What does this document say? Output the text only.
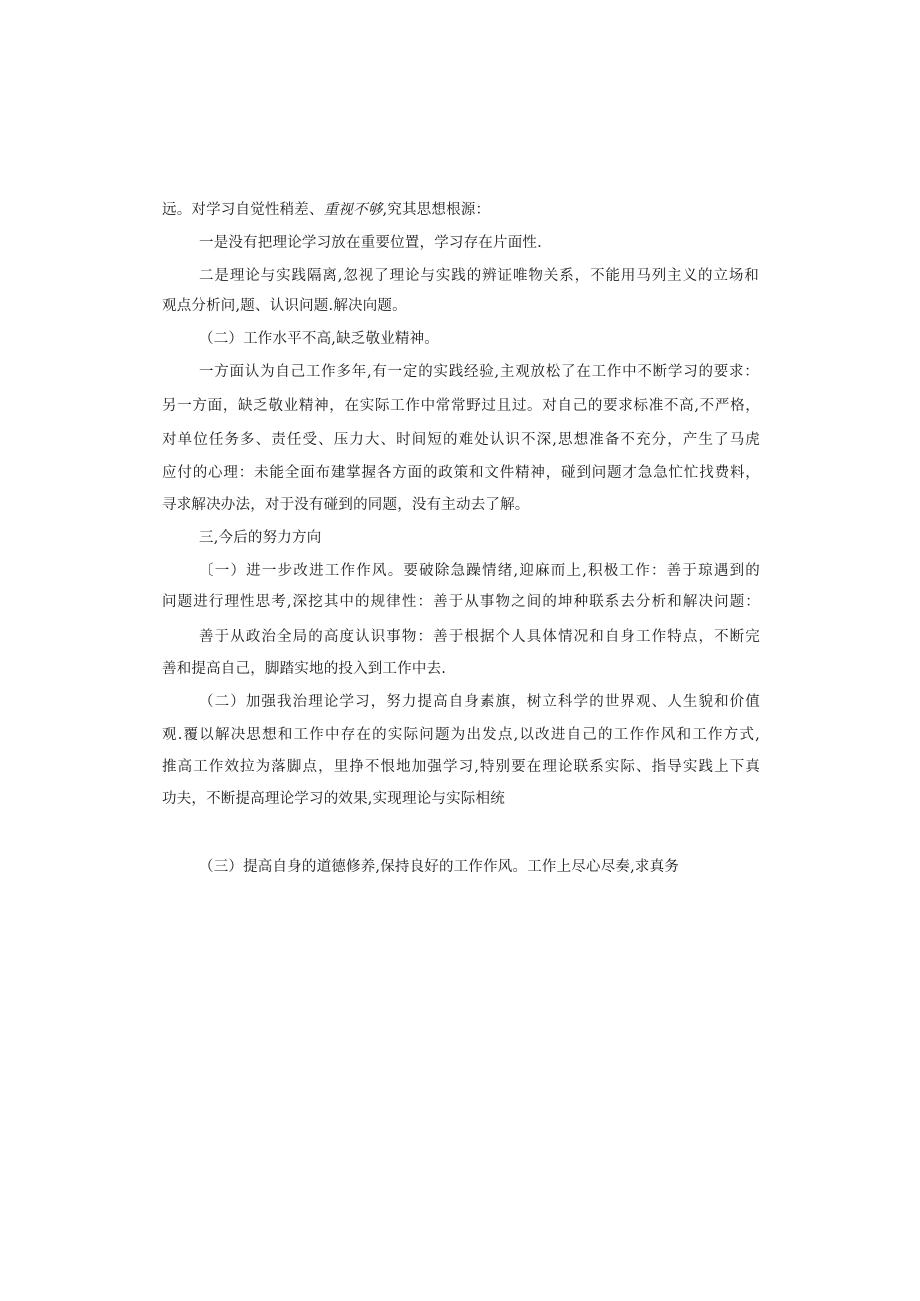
远。对学习自觉性稍差、重视不够,究其思想根源：
一是没有把理论学习放在重要位置，学习存在片面性.
二是理论与实践隔离,忽视了理论与实践的辨证唯物关系，不能用马列主义的立场和
观点分析问,题、认识问题.解决向题。
（二）工作水平不高,缺乏敬业精神。
一方面认为自己工作多年,有一定的实践经验,主观放松了在工作中不断学习的要求：
另一方面，缺乏敬业精神，在实际工作中常常野过且过。对自己的要求标准不高,不严格，
对单位任务多、责任受、压力大、时间短的难处认识不深,思想准备不充分，产生了马虎
应付的心理：未能全面布建掌握各方面的政策和文件精神，碰到问题才急急忙忙找费料，
寻求解决办法，对于没有碰到的同题，没有主动去了解。
三,今后的努力方向
〔一）进一步改进工作作风。要破除急躁情绪,迎麻而上,积极工作：善于琼遇到的
问题进行理性思考,深挖其中的规律性：善于从事物之间的坤种联系去分析和解决问题：
善于从政治全局的高度认识事物：善于根据个人具体情况和自身工作特点，不断完
善和提高自己，脚踏实地的投入到工作中去.
（二）加强我治理论学习，努力提高自身素旗，树立科学的世界观、人生貌和价值
观.覆以解决思想和工作中存在的实际问题为出发点,以改进自己的工作作风和工作方式,
推高工作效拉为落脚点，里挣不恨地加强学习,特别要在理论联系实际、指导实践上下真
功夫，不断提高理论学习的效果,实现理论与实际相统
（三）提高自身的道德修养,保持良好的工作作风。工作上尽心尽奏,求真务
